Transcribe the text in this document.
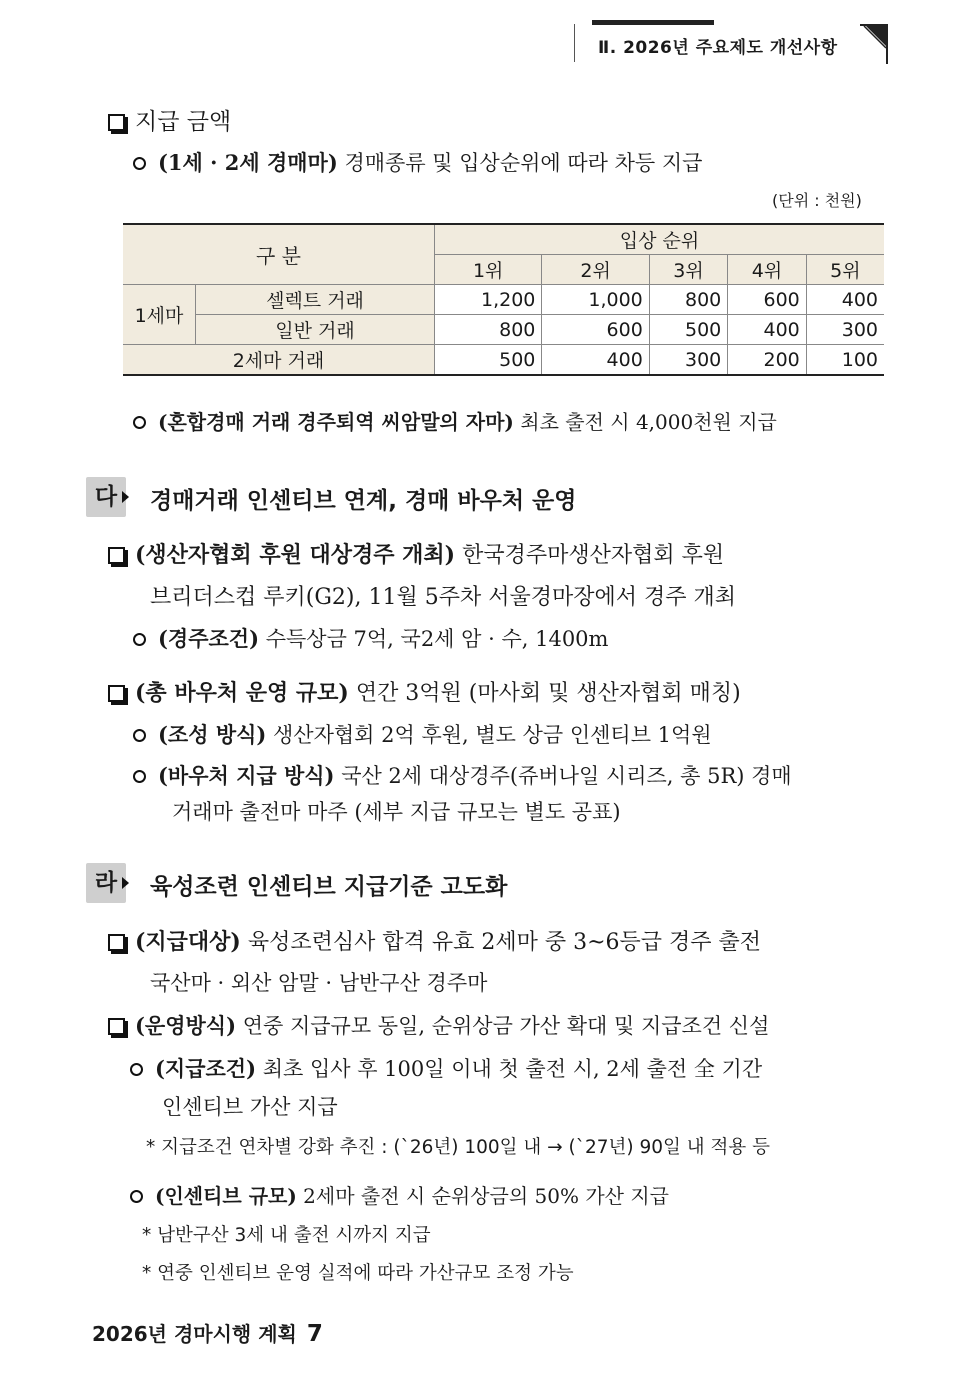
Ⅱ. 2026년 주요제도 개선사항
지급 금액
(1세 · 2세 경매마) 경매종류 및 입상순위에 따라 차등 지급
(단위 : 천원)
구 분		입상 순위				
		1위	2위	3위	4위	5위
1세마	셀렉트 거래	1,200	1,000	800	600	400
	일반 거래	800	600	500	400	300
2세마 거래		500	400	300	200	100
(혼합경매 거래 경주퇴역 씨암말의 자마) 최초 출전 시 4,000천원 지급
다	경매거래 인센티브 연계, 경매 바우처 운영
(생산자협회 후원 대상경주 개최) 한국경주마생산자협회 후원
브리더스컵 루키(G2), 11월 5주차 서울경마장에서 경주 개최
(경주조건) 수득상금 7억, 국2세 암 · 수, 1400m
(총 바우처 운영 규모) 연간 3억원 (마사회 및 생산자협회 매칭)
(조성 방식) 생산자협회 2억 후원, 별도 상금 인센티브 1억원
(바우처 지급 방식) 국산 2세 대상경주(쥬버나일 시리즈, 총 5R) 경매
거래마 출전마 마주 (세부 지급 규모는 별도 공표)
라	육성조련 인센티브 지급기준 고도화
(지급대상) 육성조련심사 합격 유효 2세마 중 3~6등급 경주 출전
국산마 · 외산 암말 · 남반구산 경주마
(운영방식) 연중 지급규모 동일, 순위상금 가산 확대 및 지급조건 신설
(지급조건) 최초 입사 후 100일 이내 첫 출전 시, 2세 출전 全 기간
인센티브 가산 지급
* 지급조건 연차별 강화 추진 : (`26년) 100일 내 → (`27년) 90일 내 적용 등
(인센티브 규모) 2세마 출전 시 순위상금의 50% 가산 지급
* 남반구산 3세 내 출전 시까지 지급
* 연중 인센티브 운영 실적에 따라 가산규모 조정 가능
2026년 경마시행 계획 7
